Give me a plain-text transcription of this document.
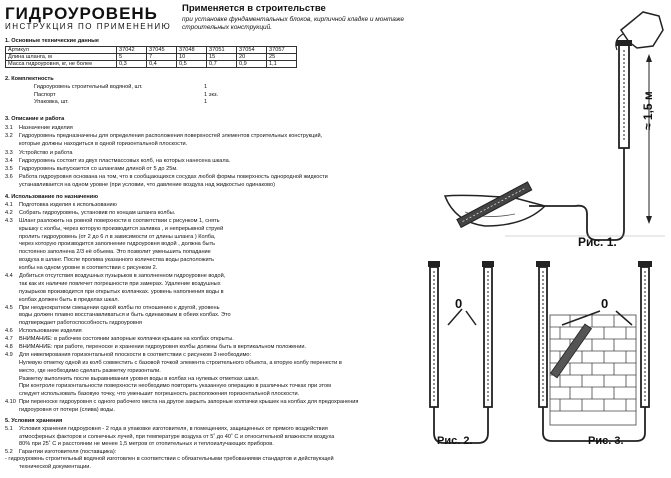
ГИДРОУРОВЕНЬ
ИНСТРУКЦИЯ ПО ПРИМЕНЕНИЮ
Применяется в строительстве
при установке фундаментальных блоков, кирпичной кладке и монтаже строительных конструкций.
1. Основные технические данные
Артикул	37042	37045	37048	37051	37054	37057
Длина шланга, м	5	7	10	15	20	25
Масса гидроуровня, кг, не более	0,3	0,4	0,5	0,7	0,9	1,1
2. Комплектность
Гидроуровень строительный водяной, шт.	1
Паспорт	1 экз.
Упаковка, шт.	1
3. Описание и работа
3.1 Назначение изделия
3.2 Гидроуровень предназначены для определения расположения поверхностей элементов строительных конструкций,
которые должны находиться в одной горизонтальной плоскости.
3.3 Устройство и работа
3.4 Гидроуровень состоит из двух пластмассовых колб, на которых нанесена шкала.
3.5 Гидроуровень выпускается со шлангами длиной от 5 до 25м.
3.6 Работа гидроуровня основана на том, что в сообщающихся сосудах любой формы поверхность однородной жидкости
устанавливается на одном уровне (при условии, что давление воздуха над жидкостью одинаково)
4. Использование по назначению
4.1 Подготовка изделия к использованию
4.2 Собрать гидроуровень, установив по концам шланга колбы.
4.3 Шланг разложить на ровной поверхности в соответствии с рисунком 1, снять
крышку с колбы, через которую производится заливка , и непрерывной струей
пролить гидроуровень (от 2 до 6 л в зависимости от длины шланга ) Колба,
через которую производится заполнение гидроуровня водой , должна быть
постоянно заполнена 2/3 её объема. Это позволит уменьшить попадание
воздуха в шланг. После пролива указанного количества воды расположить
колбы на одном уровне в соответствии с рисунком 2.
4.4 Добиться отсутствия воздушных пузырьков в заполненном гидроуровне водой,
так как их наличие повлечет погрешности при замерах. Удаление воздушных
пузырьков производится при открытых колпачках. уровень наполнения воды в
колбах должен быть в пределах шкал.
4.5 При неоднократном смещении одной колбы по отношению к другой, уровень
воды должен плавно восстанавливаться и быть одинаковым в обеих колбах. Это
подтверждает работоспособность гидроуровня
4.6 Использование изделия
4.7 ВНИМАНИЕ: в рабочем состоянии запорные колпачки крышек на колбах открыты.
4.8 ВНИМАНИЕ: при работе, переноске и хранении гидроуровня колбы должны быть в вертикальном положении.
4.9 Для нивелирования горизонтальной плоскости в соответствии с рисунком 3 необходимо:
Нулевую отметку одной из колб совместить с базовой точкой элемента строительного объекта, а вторую колбу перенести в
место, где необходимо сделать разметку горизонтали.
Разметку выполнить после выравнивания уровня воды в колбах на нулевых отметках шкал.
При контроле горизонтальности поверхности необходимо повторить указанную операцию в различных точках при этом
следует использовать базовую точку, что уменьшит погрешность расположения горизонтальной плоскости.
4.10 При переноске гидроуровня с одного рабочего места на другое закрыть запорные колпачки крышек на колбах для предохранения
гидроуровня от потери (слива) воды.
5. Условия хранения
5.1 Условия хранения гидроуровня - 2 года в упаковке изготовителя, в помещениях, защищенных от прямого воздействия
атмосферных факторов и солнечных лучей, при температуре воздуха от 5˚ до 40˚ С и относительной влажности воздуха
80% при 25˚ С и расстоянии не менее 1,5 метров от отопительных и теплоизлучающих приборов.
5.2 Гарантии изготовителя (поставщика):
- гидроуровень строительный водяной изготовлен в соответствии с обязательными требованиями стандартов и действующей
технической документации.
Рис. 1.
≈ 1,5 м
0
Рис. 2.
0
Рис. 3.
